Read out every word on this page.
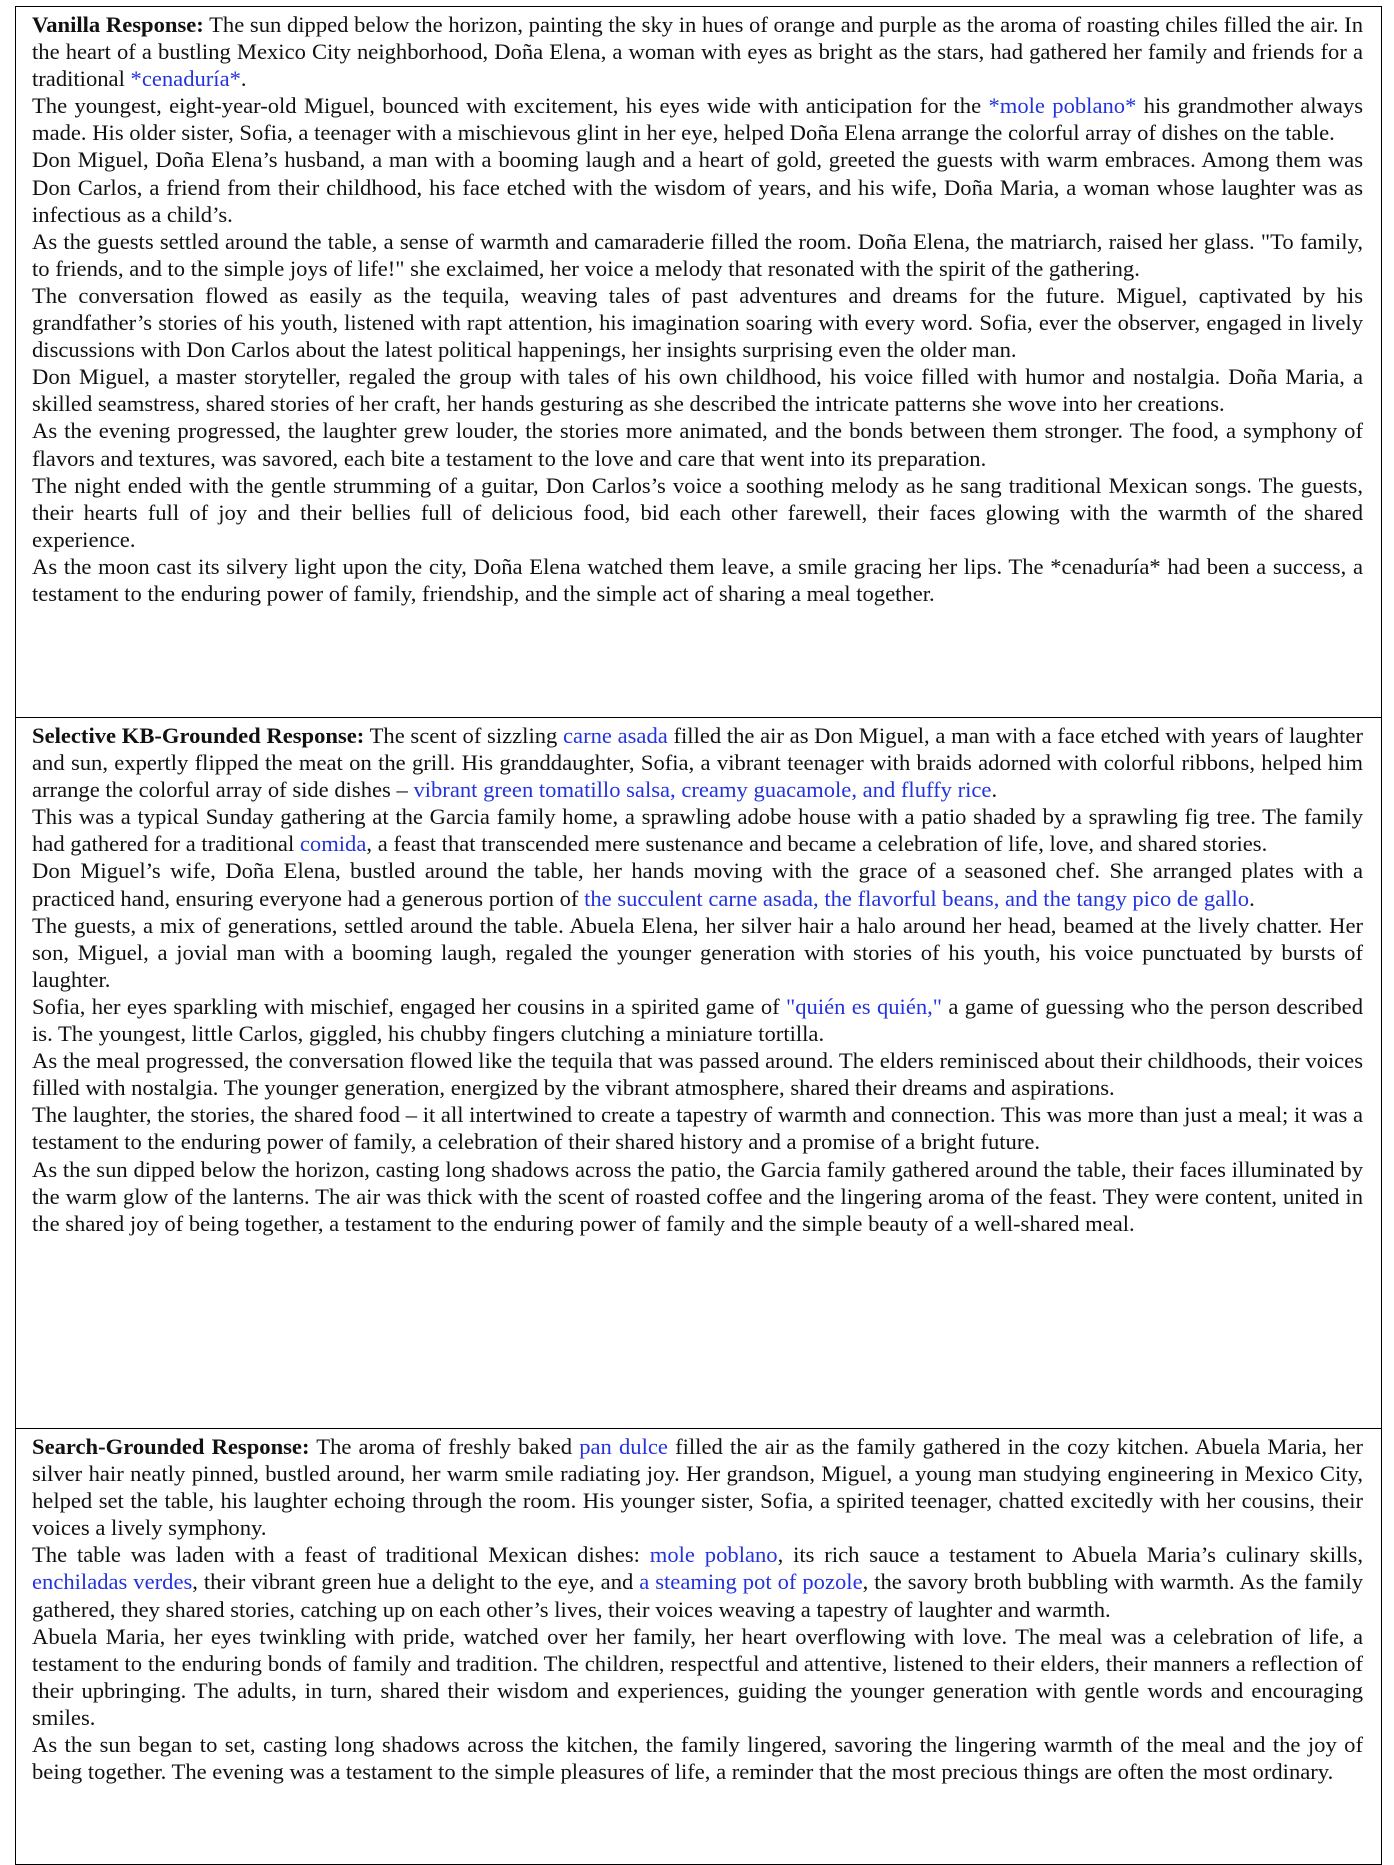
Vanilla Response: The sun dipped below the horizon, painting the sky in hues of orange and purple as the aroma of roasting chiles filled the air. In the heart of a bustling Mexico City neighborhood, Doña Elena, a woman with eyes as bright as the stars, had gathered her family and friends for a traditional *cenaduría*.

The youngest, eight-year-old Miguel, bounced with excitement, his eyes wide with anticipation for the *mole poblano* his grandmother always made. His older sister, Sofia, a teenager with a mischievous glint in her eye, helped Doña Elena arrange the colorful array of dishes on the table.

Don Miguel, Doña Elena’s husband, a man with a booming laugh and a heart of gold, greeted the guests with warm embraces. Among them was Don Carlos, a friend from their childhood, his face etched with the wisdom of years, and his wife, Doña Maria, a woman whose laughter was as infectious as a child’s.

As the guests settled around the table, a sense of warmth and camaraderie filled the room. Doña Elena, the matriarch, raised her glass. "To family, to friends, and to the simple joys of life!" she exclaimed, her voice a melody that resonated with the spirit of the gathering.

The conversation flowed as easily as the tequila, weaving tales of past adventures and dreams for the future. Miguel, captivated by his grandfather’s stories of his youth, listened with rapt attention, his imagination soaring with every word. Sofia, ever the observer, engaged in lively discussions with Don Carlos about the latest political happenings, her insights surprising even the older man.

Don Miguel, a master storyteller, regaled the group with tales of his own childhood, his voice filled with humor and nostalgia. Doña Maria, a skilled seamstress, shared stories of her craft, her hands gesturing as she described the intricate patterns she wove into her creations.

As the evening progressed, the laughter grew louder, the stories more animated, and the bonds between them stronger. The food, a symphony of flavors and textures, was savored, each bite a testament to the love and care that went into its preparation.

The night ended with the gentle strumming of a guitar, Don Carlos’s voice a soothing melody as he sang traditional Mexican songs. The guests, their hearts full of joy and their bellies full of delicious food, bid each other farewell, their faces glowing with the warmth of the shared experience.

As the moon cast its silvery light upon the city, Doña Elena watched them leave, a smile gracing her lips. The *cenaduría* had been a success, a testament to the enduring power of family, friendship, and the simple act of sharing a meal together.

Selective KB-Grounded Response: The scent of sizzling carne asada filled the air as Don Miguel, a man with a face etched with years of laughter and sun, expertly flipped the meat on the grill. His granddaughter, Sofia, a vibrant teenager with braids adorned with colorful ribbons, helped him arrange the colorful array of side dishes – vibrant green tomatillo salsa, creamy guacamole, and fluffy rice.

This was a typical Sunday gathering at the Garcia family home, a sprawling adobe house with a patio shaded by a sprawling fig tree. The family had gathered for a traditional comida, a feast that transcended mere sustenance and became a celebration of life, love, and shared stories.

Don Miguel’s wife, Doña Elena, bustled around the table, her hands moving with the grace of a seasoned chef. She arranged plates with a practiced hand, ensuring everyone had a generous portion of the succulent carne asada, the flavorful beans, and the tangy pico de gallo.

The guests, a mix of generations, settled around the table. Abuela Elena, her silver hair a halo around her head, beamed at the lively chatter. Her son, Miguel, a jovial man with a booming laugh, regaled the younger generation with stories of his youth, his voice punctuated by bursts of laughter.

Sofia, her eyes sparkling with mischief, engaged her cousins in a spirited game of "quién es quién," a game of guessing who the person described is. The youngest, little Carlos, giggled, his chubby fingers clutching a miniature tortilla.

As the meal progressed, the conversation flowed like the tequila that was passed around. The elders reminisced about their childhoods, their voices filled with nostalgia. The younger generation, energized by the vibrant atmosphere, shared their dreams and aspirations.

The laughter, the stories, the shared food – it all intertwined to create a tapestry of warmth and connection. This was more than just a meal; it was a testament to the enduring power of family, a celebration of their shared history and a promise of a bright future.

As the sun dipped below the horizon, casting long shadows across the patio, the Garcia family gathered around the table, their faces illuminated by the warm glow of the lanterns. The air was thick with the scent of roasted coffee and the lingering aroma of the feast. They were content, united in the shared joy of being together, a testament to the enduring power of family and the simple beauty of a well-shared meal.

Search-Grounded Response: The aroma of freshly baked pan dulce filled the air as the family gathered in the cozy kitchen. Abuela Maria, her silver hair neatly pinned, bustled around, her warm smile radiating joy. Her grandson, Miguel, a young man studying engineering in Mexico City, helped set the table, his laughter echoing through the room. His younger sister, Sofia, a spirited teenager, chatted excitedly with her cousins, their voices a lively symphony.

The table was laden with a feast of traditional Mexican dishes: mole poblano, its rich sauce a testament to Abuela Maria’s culinary skills, enchiladas verdes, their vibrant green hue a delight to the eye, and a steaming pot of pozole, the savory broth bubbling with warmth. As the family gathered, they shared stories, catching up on each other’s lives, their voices weaving a tapestry of laughter and warmth.

Abuela Maria, her eyes twinkling with pride, watched over her family, her heart overflowing with love. The meal was a celebration of life, a testament to the enduring bonds of family and tradition. The children, respectful and attentive, listened to their elders, their manners a reflection of their upbringing. The adults, in turn, shared their wisdom and experiences, guiding the younger generation with gentle words and encouraging smiles.

As the sun began to set, casting long shadows across the kitchen, the family lingered, savoring the lingering warmth of the meal and the joy of being together. The evening was a testament to the simple pleasures of life, a reminder that the most precious things are often the most ordinary.
